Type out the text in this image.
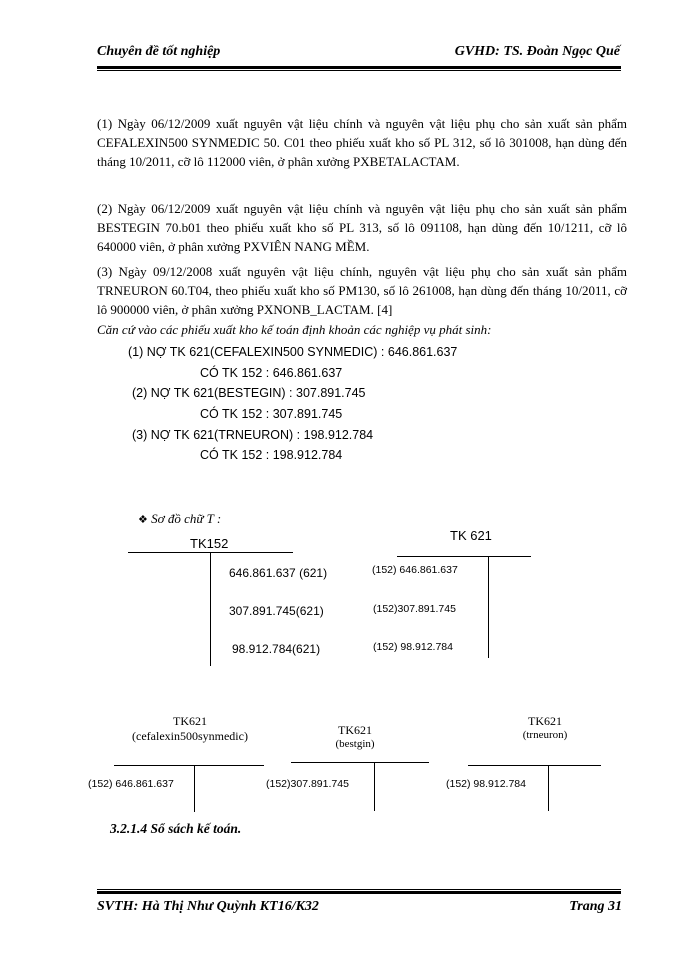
Chuyên đề tốt nghiệp	GVHD: TS. Đoàn Ngọc Quế

(1) Ngày 06/12/2009 xuất nguyên vật liệu chính và nguyên vật liệu phụ cho sản xuất sản phẩm CEFALEXIN500 SYNMEDIC 50. C01 theo phiếu xuất kho số PL 312, số lô 301008, hạn dùng đến tháng 10/2011, cỡ lô 112000 viên, ở phân xưởng PXBETALACTAM.

(2) Ngày 06/12/2009 xuất nguyên vật liệu chính và nguyên vật liệu phụ cho sản xuất sản phẩm BESTEGIN 70.b01 theo phiếu xuất kho số PL 313, số lô 091108, hạn dùng đến 10/1211, cỡ lô 640000 viên, ở phân xưởng PXVIÊN NANG MỀM.

(3) Ngày 09/12/2008 xuất nguyên vật liệu chính, nguyên vật liệu phụ cho sản xuất sản phẩm TRNEURON 60.T04, theo phiếu xuất kho số PM130, số lô 261008, hạn dùng đến tháng 10/2011, cỡ lô 900000 viên, ở phân xưởng PXNONB_LACTAM. [4]

Căn cứ vào các phiếu xuất kho kế toán định khoản các nghiệp vụ phát sinh:
(1) NỢ TK 621(CEFALEXIN500 SYNMEDIC) : 646.861.637
CÓ TK 152 : 646.861.637
(2) NỢ TK 621(BESTEGIN) : 307.891.745
CÓ TK 152 : 307.891.745
(3) NỢ TK 621(TRNEURON) : 198.912.784
CÓ TK 152 : 198.912.784
❖ Sơ đồ chữ T :
TK152
646.861.637 (621)
307.891.745(621)
98.912.784(621)
TK 621
(152) 646.861.637
(152)307.891.745
(152) 98.912.784
TK621
(cefalexin500synmedic)
(152) 646.861.637
TK621
(bestgin)
(152)307.891.745
TK621
(trneuron)
(152) 98.912.784
3.2.1.4 Sổ sách kế toán.
SVTH: Hà Thị Như Quỳnh KT16/K32	Trang 31
